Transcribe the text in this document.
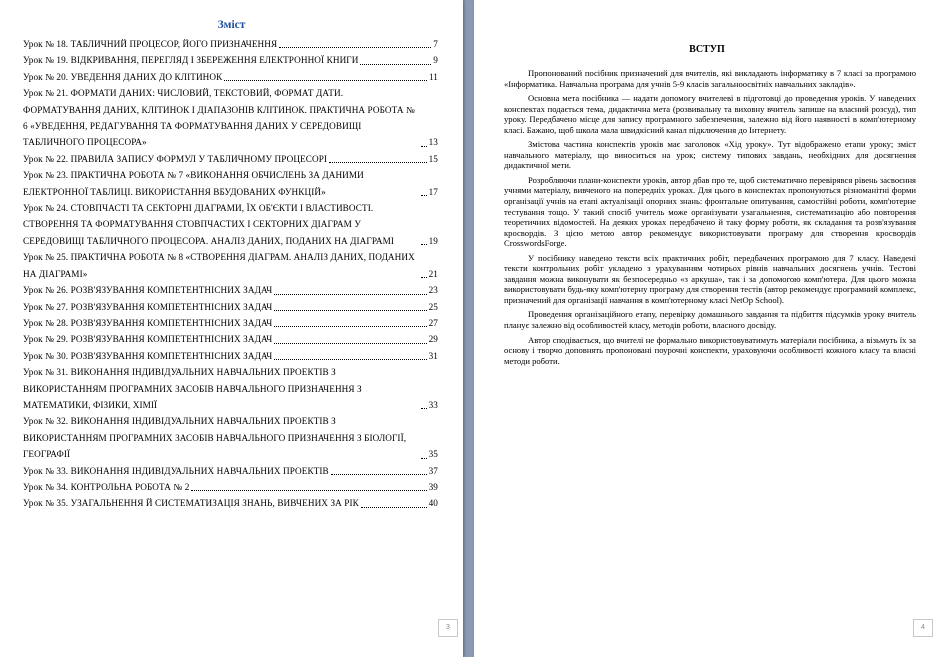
Зміст
Урок № 18. ТАБЛИЧНИЙ ПРОЦЕСОР, ЙОГО ПРИЗНАЧЕННЯ	7
Урок № 19. ВІДКРИВАННЯ, ПЕРЕГЛЯД І ЗБЕРЕЖЕННЯ ЕЛЕКТРОННОЇ КНИГИ	9
Урок № 20. УВЕДЕННЯ ДАНИХ ДО КЛІТИНОК	11
Урок № 21. ФОРМАТИ ДАНИХ: ЧИСЛОВИЙ, ТЕКСТОВИЙ, ФОРМАТ ДАТИ. ФОРМАТУВАННЯ ДАНИХ, КЛІТИНОК І ДІАПАЗОНІВ КЛІТИНОК. ПРАКТИЧНА РОБОТА № 6 «УВЕДЕННЯ, РЕДАГУВАННЯ ТА ФОРМАТУВАННЯ ДАНИХ У СЕРЕДОВИЩІ ТАБЛИЧНОГО ПРОЦЕСОРА»	13
Урок № 22. ПРАВИЛА ЗАПИСУ ФОРМУЛ У ТАБЛИЧНОМУ ПРОЦЕСОРІ	15
Урок № 23. ПРАКТИЧНА РОБОТА № 7 «ВИКОНАННЯ ОБЧИСЛЕНЬ ЗА ДАНИМИ ЕЛЕКТРОННОЇ ТАБЛИЦІ. ВИКОРИСТАННЯ ВБУДОВАНИХ ФУНКЦІЙ»	17
Урок № 24. СТОВПЧАСТІ ТА СЕКТОРНІ ДІАГРАМИ, ЇХ ОБ'ЄКТИ І ВЛАСТИВОСТІ. СТВОРЕННЯ ТА ФОРМАТУВАННЯ СТОВПЧАСТИХ І СЕКТОРНИХ ДІАГРАМ У СЕРЕДОВИЩІ ТАБЛИЧНОГО ПРОЦЕСОРА. АНАЛІЗ ДАНИХ, ПОДАНИХ НА ДІАГРАМІ	19
Урок № 25. ПРАКТИЧНА РОБОТА № 8 «СТВОРЕННЯ ДІАГРАМ. АНАЛІЗ ДАНИХ, ПОДАНИХ НА ДІАГРАМІ»	21
Урок № 26. РОЗВ'ЯЗУВАННЯ КОМПЕТЕНТНІСНИХ ЗАДАЧ	23
Урок № 27. РОЗВ'ЯЗУВАННЯ КОМПЕТЕНТНІСНИХ ЗАДАЧ	25
Урок № 28. РОЗВ'ЯЗУВАННЯ КОМПЕТЕНТНІСНИХ ЗАДАЧ	27
Урок № 29. РОЗВ'ЯЗУВАННЯ КОМПЕТЕНТНІСНИХ ЗАДАЧ	29
Урок № 30. РОЗВ'ЯЗУВАННЯ КОМПЕТЕНТНІСНИХ ЗАДАЧ	31
Урок № 31. ВИКОНАННЯ ІНДИВІДУАЛЬНИХ НАВЧАЛЬНИХ ПРОЕКТІВ З ВИКОРИСТАННЯМ ПРОГРАМНИХ ЗАСОБІВ НАВЧАЛЬНОГО ПРИЗНАЧЕННЯ З МАТЕМАТИКИ, ФІЗИКИ, ХІМІЇ	33
Урок № 32. ВИКОНАННЯ ІНДИВІДУАЛЬНИХ НАВЧАЛЬНИХ ПРОЕКТІВ З ВИКОРИСТАННЯМ ПРОГРАМНИХ ЗАСОБІВ НАВЧАЛЬНОГО ПРИЗНАЧЕННЯ З БІОЛОГІЇ, ГЕОГРАФІЇ	35
Урок № 33. ВИКОНАННЯ ІНДИВІДУАЛЬНИХ НАВЧАЛЬНИХ ПРОЕКТІВ	37
Урок № 34. КОНТРОЛЬНА РОБОТА № 2	39
Урок № 35. УЗАГАЛЬНЕННЯ Й СИСТЕМАТИЗАЦІЯ ЗНАНЬ, ВИВЧЕНИХ ЗА РІК	40
3
ВСТУП

Пропонований посібник призначений для вчителів, які викладають інформатику в 7 класі за програмою «Інформатика. Навчальна програма для учнів 5-9 класів загальноосвітніх навчальних закладів».

Основна мета посібника — надати допомогу вчителеві в підготовці до проведення уроків. У наведених конспектах подається тема, дидактична мета (розвивальну та виховну вчитель запише на власний розсуд), тип уроку. Передбачено місце для запису програмного забезпечення, залежно від його наявності в комп'ютерному класі. Бажано, щоб школа мала швидкісний канал підключення до Інтернету.

Змістова частина конспектів уроків має заголовок «Хід уроку». Тут відображено етапи уроку; зміст навчального матеріалу, що виноситься на урок; систему типових завдань, необхідних для досягнення дидактичної мети.

Розробляючи плани-конспекти уроків, автор дбав про те, щоб систематично перевірявся рівень засвоєння учнями матеріалу, вивченого на попередніх уроках. Для цього в конспектах пропонуються різноманітні форми організації учнів на етапі актуалізації опорних знань: фронтальне опитування, самостійні роботи, комп'ютерне тестування тощо. У такий спосіб учитель може організувати узагальнення, систематизацію або повторення теоретичних відомостей. На деяких уроках передбачено й таку форму роботи, як складання та розв'язування кросвордів. З цією метою автор рекомендує використовувати програму для створення кросвордів CrosswordsForge.

У посібнику наведено тексти всіх практичних робіт, передбачених програмою для 7 класу. Наведені тексти контрольних робіт укладено з урахуванням чотирьох рівнів навчальних досягнень учнів. Тестові завдання можна виконувати як безпосередньо «з аркуша», так і за допомогою комп'ютера. Для цього можна використовувати будь-яку комп'ютерну програму для створення тестів (автор рекомендує програмний комплекс, призначений для організації навчання в комп'ютерному класі NetOp School).

Проведення організаційного етапу, перевірку домашнього завдання та підбиття підсумків уроку вчитель планує залежно від особливостей класу, методів роботи, власного досвіду.

Автор сподівається, що вчителі не формально використовуватимуть матеріали посібника, а візьмуть їх за основу і творчо доповнять пропоновані поурочні конспекти, ураховуючи особливості кожного класу та власні методи роботи.

4
